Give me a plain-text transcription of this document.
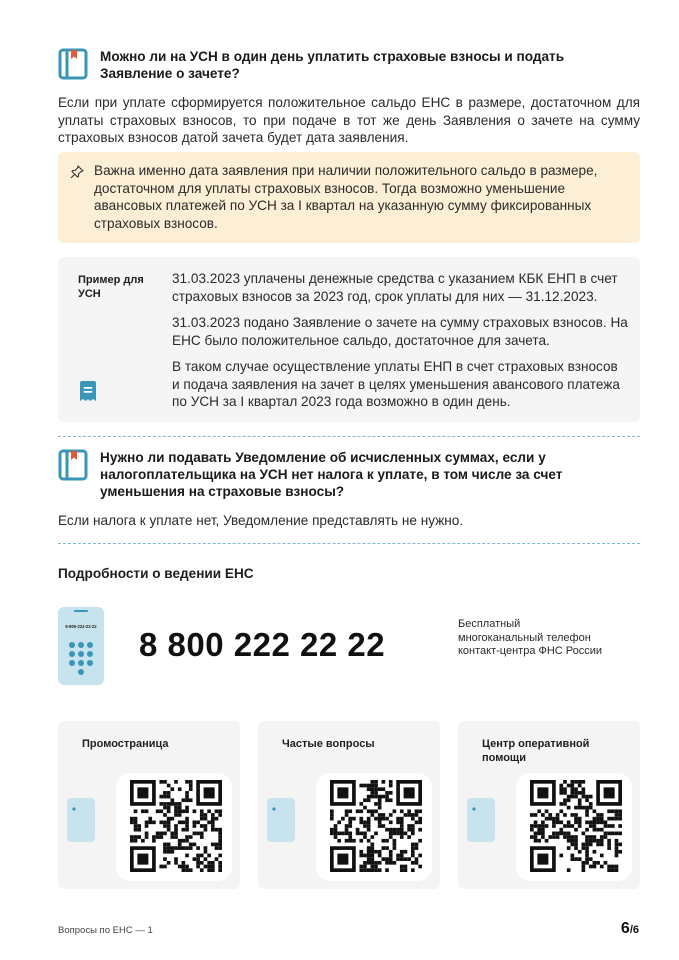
Можно ли на УСН в один день уплатить страховые взносы и подать Заявление о зачете?

Если при уплате сформируется положительное сальдо ЕНС в размере, достаточном для уплаты страховых взносов, то при подаче в тот же день Заявления о зачете на сумму страховых взносов датой зачета будет дата заявления.

Важна именно дата заявления при наличии положительного сальдо в размере, достаточном для уплаты страховых взносов. Тогда возможно уменьшение авансовых платежей по УСН за I квартал на указанную сумму фиксированных страховых взносов.

Пример для УСН

31.03.2023 уплачены денежные средства с указанием КБК ЕНП в счет страховых взносов за 2023 год, срок уплаты для них — 31.12.2023.

31.03.2023 подано Заявление о зачете на сумму страховых взносов. На ЕНС было положительное сальдо, достаточное для зачета.

В таком случае осуществление уплаты ЕНП в счет страховых взносов и подача заявления на зачет в целях уменьшения авансового платежа по УСН за I квартал 2023 года возможно в один день.

Нужно ли подавать Уведомление об исчисленных суммах, если у налогоплательщика на УСН нет налога к уплате, в том числе за счет уменьшения на страховые взносы?

Если налога к уплате нет, Уведомление представлять не нужно.

Подробности о ведении ЕНС
8-800-222-22-22 8 800 222 22 22
Бесплатный многоканальный телефон контакт-центра ФНС России
Промостраница	Частые вопросы	Центр оперативной помощи
Вопросы по ЕНС — 1	6/6
